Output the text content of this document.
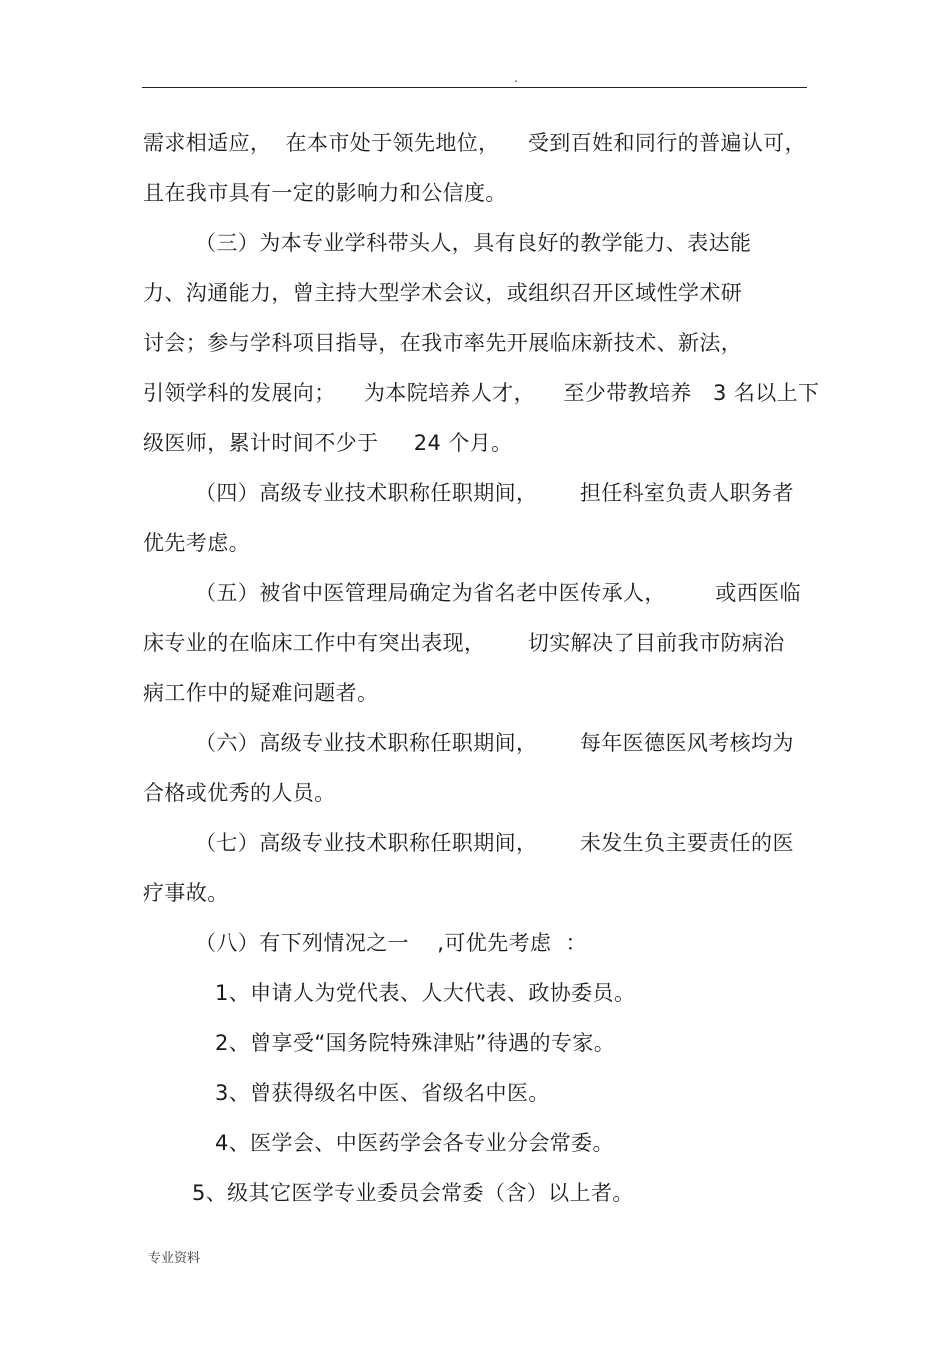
.
需求相适应，  在本市处于领先地位，    受到百姓和同行的普遍认可，
且在我市具有一定的影响力和公信度。
（三）为本专业学科带头人，具有良好的教学能力、表达能
力、沟通能力，曾主持大型学术会议，或组织召开区域性学术研
讨会；参与学科项目指导，在我市率先开展临床新技术、新法，
引领学科的发展向；    为本院培养人才，    至少带教培养   3 名以上下
级医师，累计时间不少于     24 个月。
（四）高级专业技术职称任职期间，      担任科室负责人职务者
优先考虑。
（五）被省中医管理局确定为省名老中医传承人，       或西医临
床专业的在临床工作中有突出表现，      切实解决了目前我市防病治
病工作中的疑难问题者。
（六）高级专业技术职称任职期间，      每年医德医风考核均为
合格或优秀的人员。
（七）高级专业技术职称任职期间，      未发生负主要责任的医
疗事故。
（八）有下列情况之一    ,可优先考虑  ：
1、申请人为党代表、人大代表、政协委员。
2、曾享受“国务院特殊津贴”待遇的专家。
3、曾获得级名中医、省级名中医。
4、医学会、中医药学会各专业分会常委。
5、级其它医学专业委员会常委（含）以上者。
专业资料
